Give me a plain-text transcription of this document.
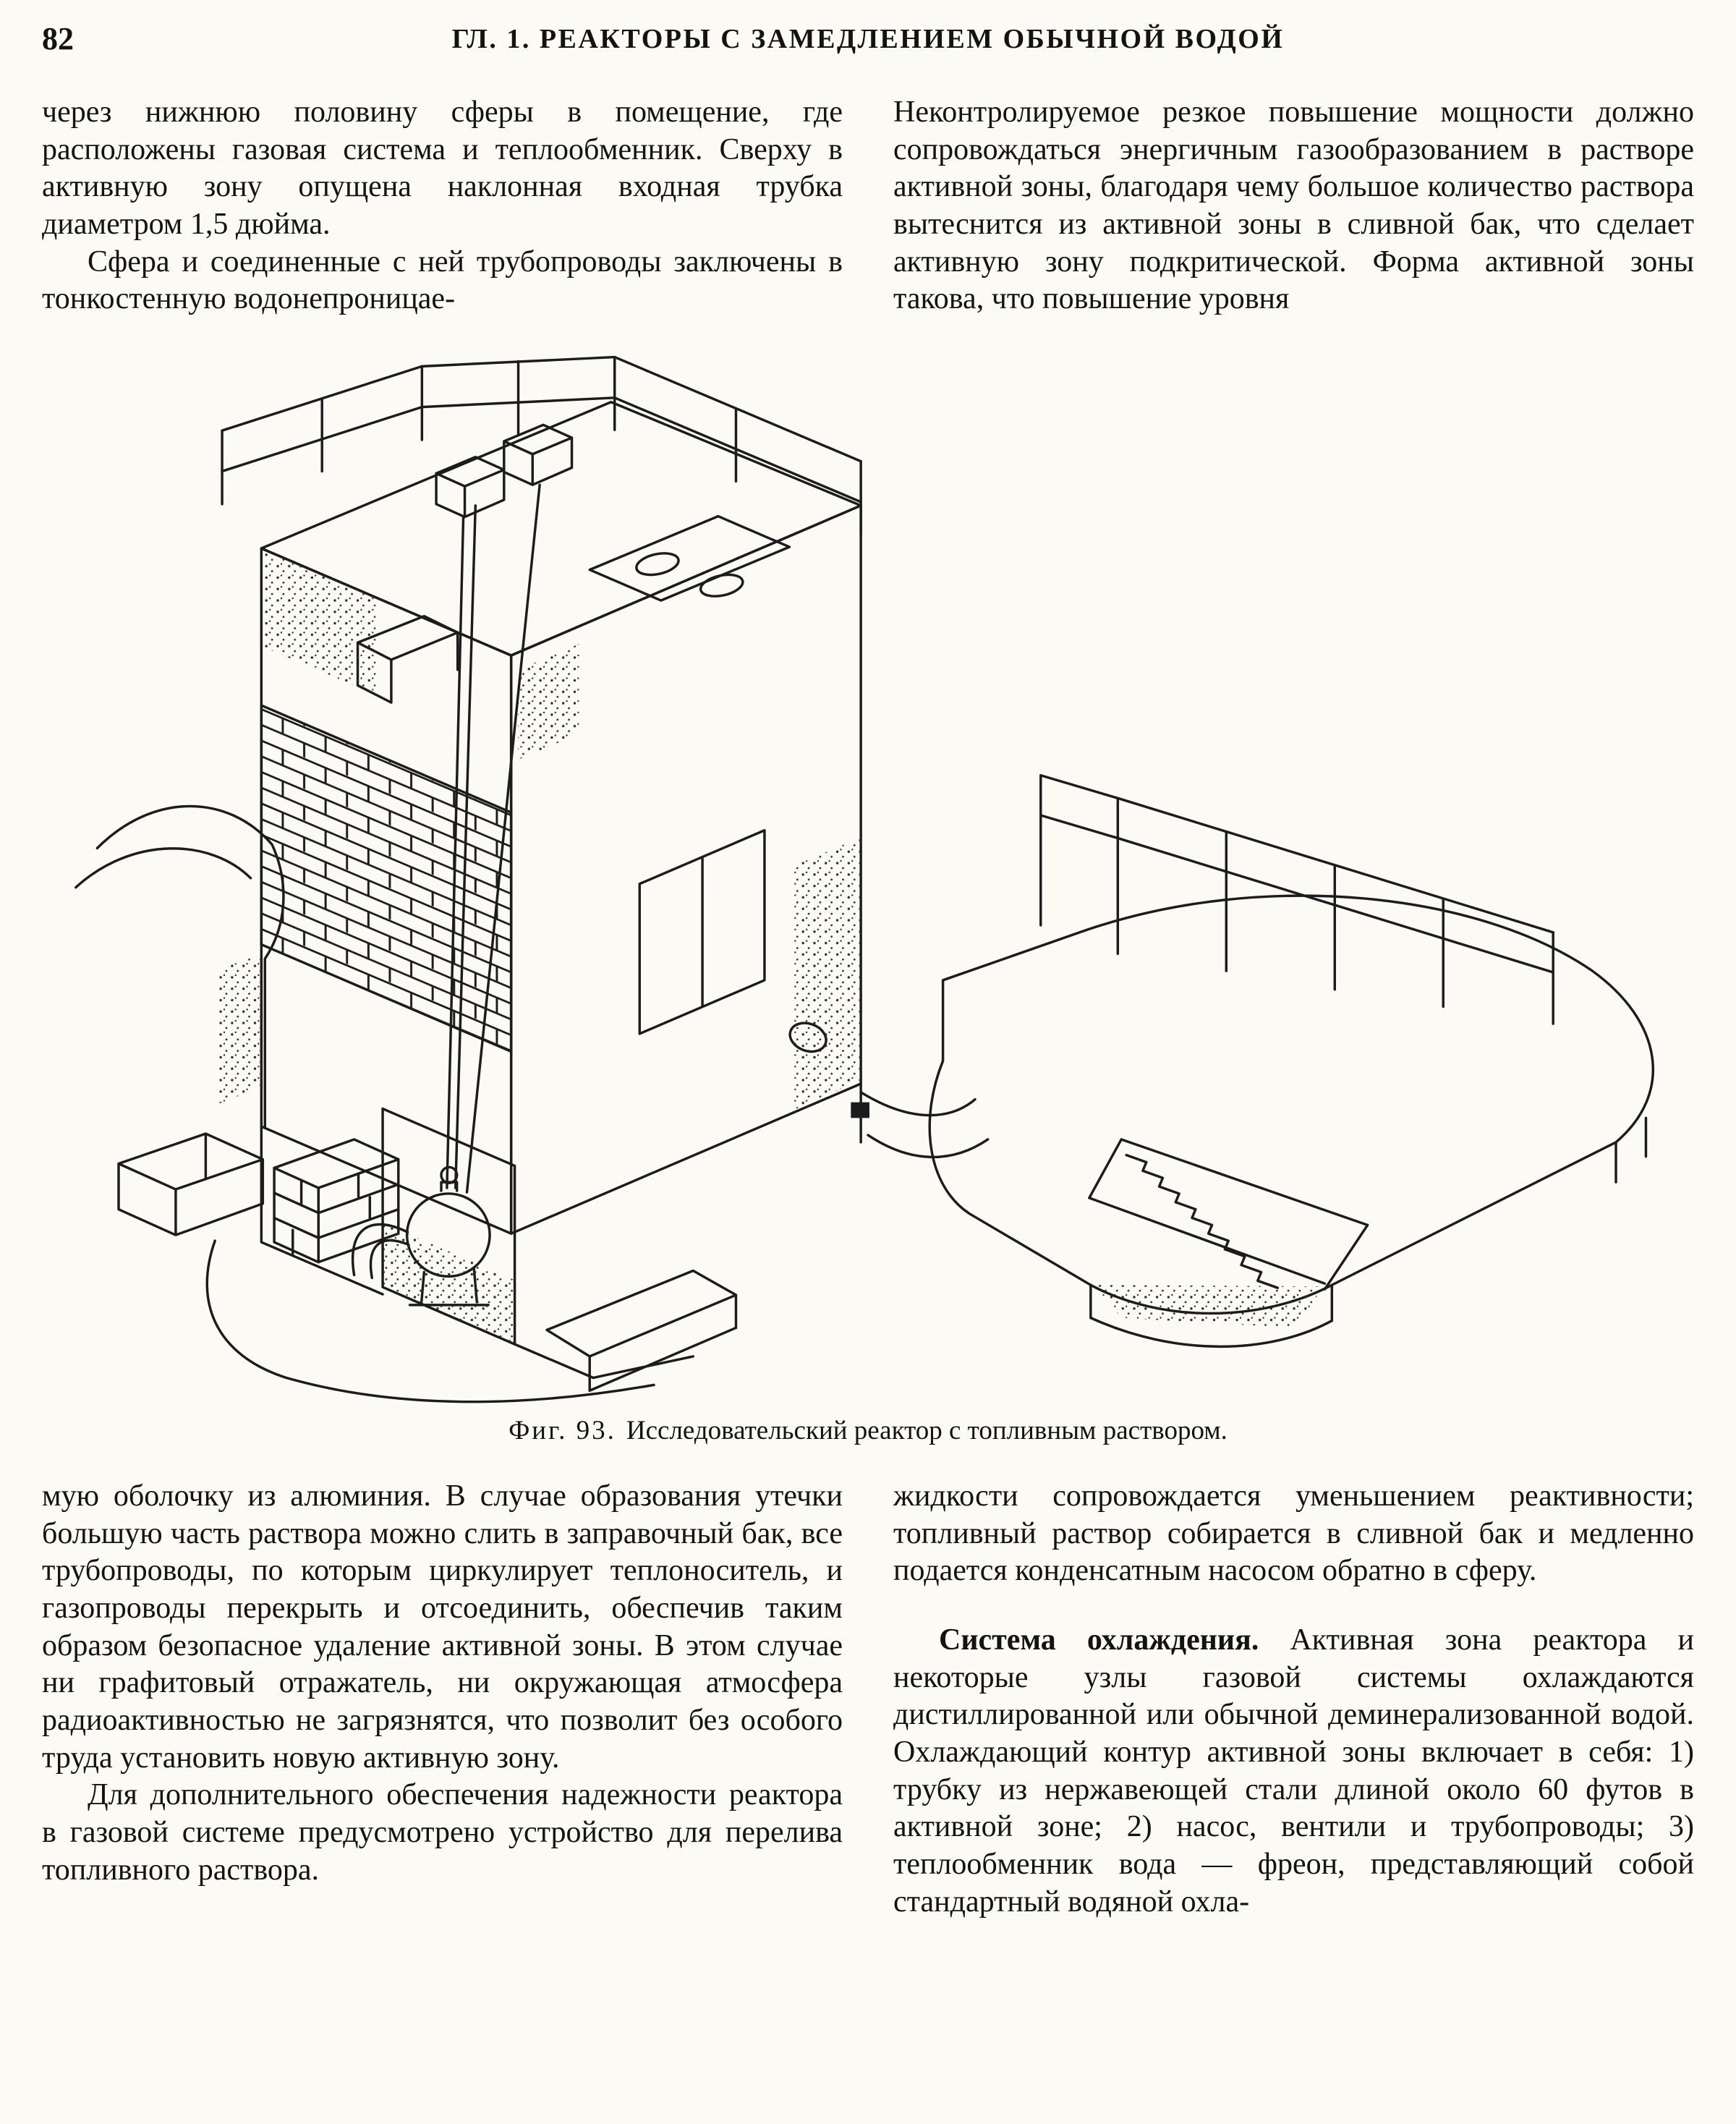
82	ГЛ. 1. РЕАКТОРЫ С ЗАМЕДЛЕНИЕМ ОБЫЧНОЙ ВОДОЙ

через нижнюю половину сферы в помещение, где расположены газовая система и теплообменник. Сверху в активную зону опущена наклонная входная трубка диаметром 1,5 дюйма.

Сфера и соединенные с ней трубопроводы заключены в тонкостенную водонепроницае-

Неконтролируемое резкое повышение мощности должно сопровождаться энергичным газообразованием в растворе активной зоны, благодаря чему большое количество раствора вытеснится из активной зоны в сливной бак, что сделает активную зону подкритической. Форма активной зоны такова, что повышение уровня

Фиг. 93. Исследовательский реактор с топливным раствором.

мую оболочку из алюминия. В случае образования утечки большую часть раствора можно слить в заправочный бак, все трубопроводы, по которым циркулирует теплоноситель, и газопроводы перекрыть и отсоединить, обеспечив таким образом безопасное удаление активной зоны. В этом случае ни графитовый отражатель, ни окружающая атмосфера радиоактивностью не загрязнятся, что позволит без особого труда установить новую активную зону.

Для дополнительного обеспечения надежности реактора в газовой системе предусмотрено устройство для перелива топливного раствора.

жидкости сопровождается уменьшением реактивности; топливный раствор собирается в сливной бак и медленно подается конденсатным насосом обратно в сферу.

Система охлаждения. Активная зона реактора и некоторые узлы газовой системы охлаждаются дистиллированной или обычной деминерализованной водой. Охлаждающий контур активной зоны включает в себя: 1) трубку из нержавеющей стали длиной около 60 футов в активной зоне; 2) насос, вентили и трубопроводы; 3) теплообменник вода — фреон, представляющий собой стандартный водяной охла-
